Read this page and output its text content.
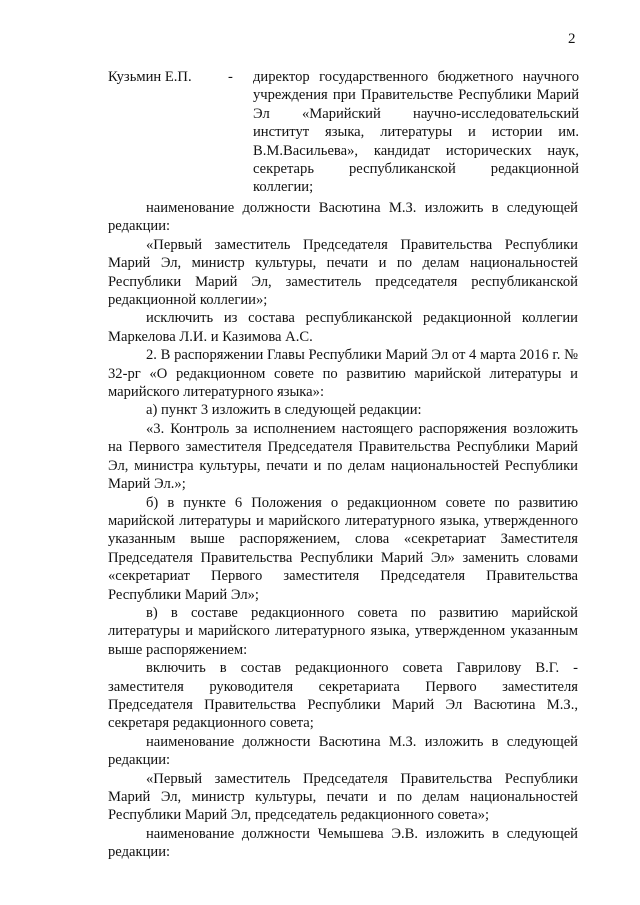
2
Кузьмин Е.П. - директор государственного бюджетного научного учреждения при Правительстве Республики Марий Эл «Марийский научно-исследовательский институт языка, литературы и истории им. В.М.Васильева», кандидат исторических наук, секретарь республиканской редакционной коллегии;

наименование должности Васютина М.З. изложить в следующей редакции:

«Первый заместитель Председателя Правительства Республики Марий Эл, министр культуры, печати и по делам национальностей Республики Марий Эл, заместитель председателя республиканской редакционной коллегии»;

исключить из состава республиканской редакционной коллегии Маркелова Л.И. и Казимова А.С.

2. В распоряжении Главы Республики Марий Эл от 4 марта 2016 г. № 32-рг «О редакционном совете по развитию марийской литературы и марийского литературного языка»:

а) пункт 3 изложить в следующей редакции:

«3. Контроль за исполнением настоящего распоряжения возложить на Первого заместителя Председателя Правительства Республики Марий Эл, министра культуры, печати и по делам национальностей Республики Марий Эл.»;

б) в пункте 6 Положения о редакционном совете по развитию марийской литературы и марийского литературного языка, утвержденного указанным выше распоряжением, слова «секретариат Заместителя Председателя Правительства Республики Марий Эл» заменить словами «секретариат Первого заместителя Председателя Правительства Республики Марий Эл»;

в) в составе редакционного совета по развитию марийской литературы и марийского литературного языка, утвержденном указанным выше распоряжением:

включить в состав редакционного совета Гаврилову В.Г. - заместителя руководителя секретариата Первого заместителя Председателя Правительства Республики Марий Эл Васютина М.З., секретаря редакционного совета;

наименование должности Васютина М.З. изложить в следующей редакции:

«Первый заместитель Председателя Правительства Республики Марий Эл, министр культуры, печати и по делам национальностей Республики Марий Эл, председатель редакционного совета»;

наименование должности Чемышева Э.В. изложить в следующей редакции:
